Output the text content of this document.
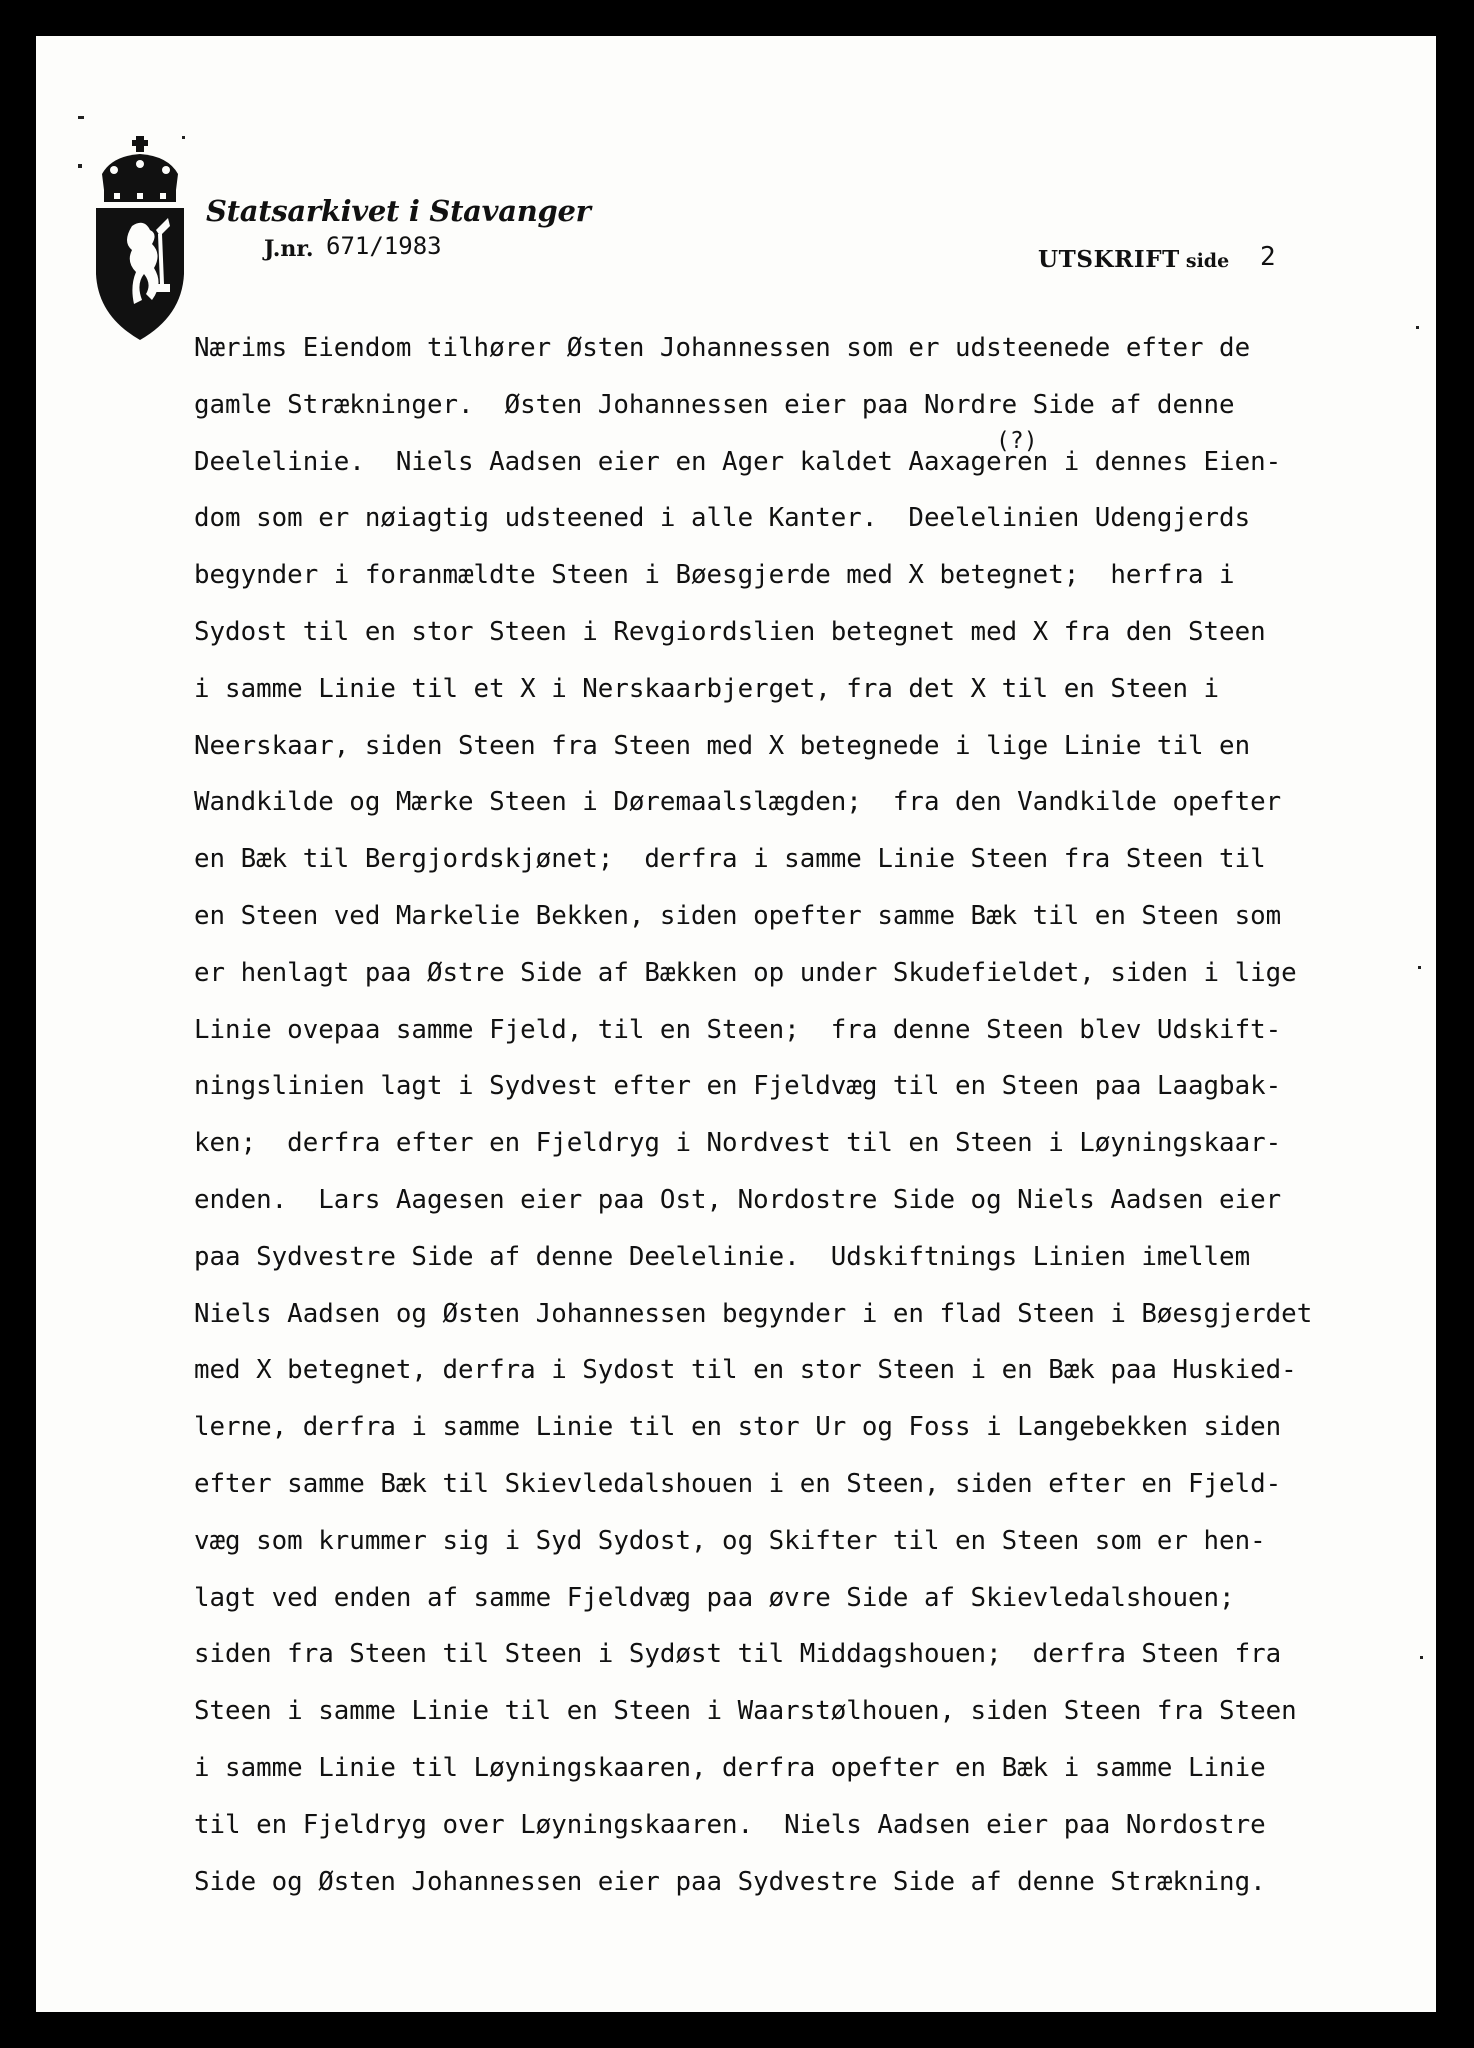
Statsarkivet i Stavanger
J.nr. 671/1983	UTSKRIFT side 2
(?)
Nærims Eiendom tilhører Østen Johannessen som er udsteenede efter de
gamle Strækninger.  Østen Johannessen eier paa Nordre Side af denne
Deelelinie.  Niels Aadsen eier en Ager kaldet Aaxageren i dennes Eien-
dom som er nøiagtig udsteened i alle Kanter.  Deelelinien Udengjerds
begynder i foranmældte Steen i Bøesgjerde med X betegnet;  herfra i
Sydost til en stor Steen i Revgiordslien betegnet med X fra den Steen
i samme Linie til et X i Nerskaarbjerget, fra det X til en Steen i
Neerskaar, siden Steen fra Steen med X betegnede i lige Linie til en
Wandkilde og Mærke Steen i Døremaalslægden;  fra den Vandkilde opefter
en Bæk til Bergjordskjønet;  derfra i samme Linie Steen fra Steen til
en Steen ved Markelie Bekken, siden opefter samme Bæk til en Steen som
er henlagt paa Østre Side af Bækken op under Skudefieldet, siden i lige
Linie ovepaa samme Fjeld, til en Steen;  fra denne Steen blev Udskift-
ningslinien lagt i Sydvest efter en Fjeldvæg til en Steen paa Laagbak-
ken;  derfra efter en Fjeldryg i Nordvest til en Steen i Løyningskaar-
enden.  Lars Aagesen eier paa Ost, Nordostre Side og Niels Aadsen eier
paa Sydvestre Side af denne Deelelinie.  Udskiftnings Linien imellem
Niels Aadsen og Østen Johannessen begynder i en flad Steen i Bøesgjerdet
med X betegnet, derfra i Sydost til en stor Steen i en Bæk paa Huskied-
lerne, derfra i samme Linie til en stor Ur og Foss i Langebekken siden
efter samme Bæk til Skievledalshouen i en Steen, siden efter en Fjeld-
væg som krummer sig i Syd Sydost, og Skifter til en Steen som er hen-
lagt ved enden af samme Fjeldvæg paa øvre Side af Skievledalshouen;
siden fra Steen til Steen i Sydøst til Middagshouen;  derfra Steen fra
Steen i samme Linie til en Steen i Waarstølhouen, siden Steen fra Steen
i samme Linie til Løyningskaaren, derfra opefter en Bæk i samme Linie
til en Fjeldryg over Løyningskaaren.  Niels Aadsen eier paa Nordostre
Side og Østen Johannessen eier paa Sydvestre Side af denne Strækning.
